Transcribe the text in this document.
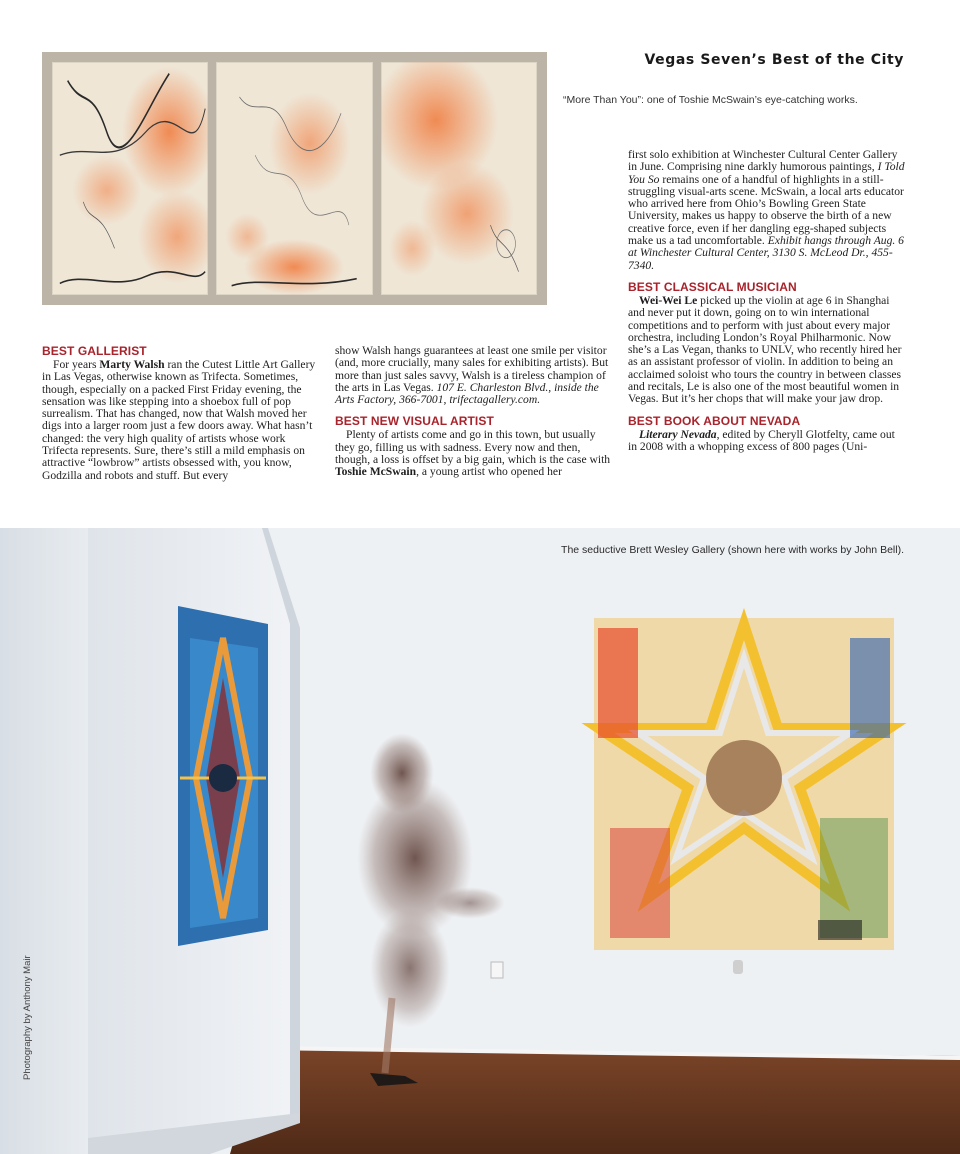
Vegas Seven’s Best of the City
“More Than You”: one of Toshie McSwain’s eye-catching works.

first solo exhibition at Winchester Cultural Center Gallery in June. Comprising nine darkly humorous paintings, I Told You So remains one of a handful of highlights in a still-struggling visual-arts scene. McSwain, a local arts educator who arrived here from Ohio’s Bowling Green State University, makes us happy to observe the birth of a new creative force, even if her dangling egg-shaped subjects make us a tad uncomfortable. Exhibit hangs through Aug. 6 at Winchester Cultural Center, 3130 S. McLeod Dr., 455-7340.

BEST CLASSICAL MUSICIAN

Wei-Wei Le picked up the violin at age 6 in Shanghai and never put it down, going on to win international competitions and to perform with just about every major orchestra, including London’s Royal Philharmonic. Now she’s a Las Vegan, thanks to UNLV, who recently hired her as an assistant professor of violin. In addition to being an acclaimed soloist who tours the country in between classes and recitals, Le is also one of the most beautiful women in Vegas. But it’s her chops that will make your jaw drop.

BEST BOOK ABOUT NEVADA

Literary Nevada, edited by Cheryll Glotfelty, came out in 2008 with a whopping excess of 800 pages (Uni-

BEST GALLERIST

For years Marty Walsh ran the Cutest Little Art Gallery in Las Vegas, otherwise known as Trifecta. Sometimes, though, especially on a packed First Friday evening, the sensation was like stepping into a shoebox full of pop surrealism. That has changed, now that Walsh moved her digs into a larger room just a few doors away. What hasn’t changed: the very high quality of artists whose work Trifecta represents. Sure, there’s still a mild emphasis on attractive “lowbrow” artists obsessed with, you know, Godzilla and robots and stuff. But every

show Walsh hangs guarantees at least one smile per visitor (and, more crucially, many sales for exhibiting artists). But more than just sales savvy, Walsh is a tireless champion of the arts in Las Vegas. 107 E. Charleston Blvd., inside the Arts Factory, 366-7001, trifectagallery.com.

BEST NEW VISUAL ARTIST

Plenty of artists come and go in this town, but usually they go, filling us with sadness. Every now and then, though, a loss is offset by a big gain, which is the case with Toshie McSwain, a young artist who opened her

The seductive Brett Wesley Gallery (shown here with works by John Bell).
Photography by Anthony Mair
